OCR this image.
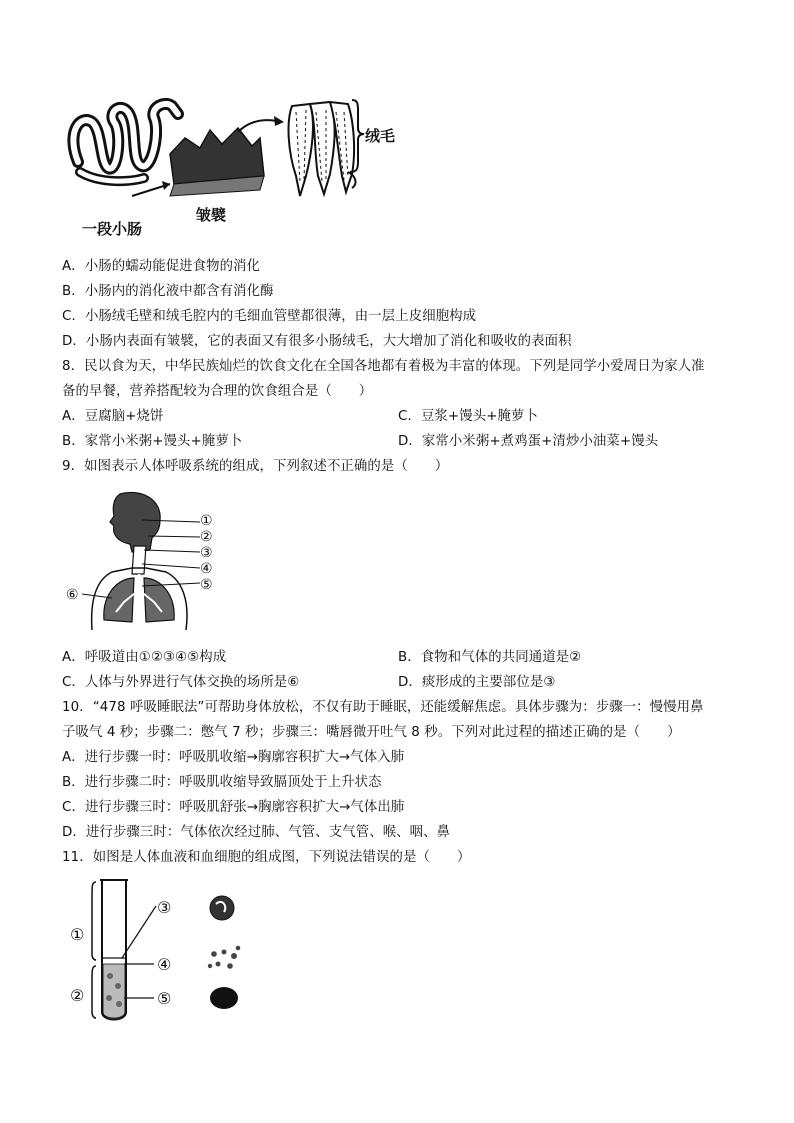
一段小肠
皱襞
绒毛
A．小肠的蠕动能促进食物的消化
B．小肠内的消化液中都含有消化酶
C．小肠绒毛壁和绒毛腔内的毛细血管壁都很薄，由一层上皮细胞构成
D．小肠内表面有皱襞，它的表面又有很多小肠绒毛，大大增加了消化和吸收的表面积
8．民以食为天，中华民族灿烂的饮食文化在全国各地都有着极为丰富的体现。下列是同学小爱周日为家人准
备的早餐，营养搭配较为合理的饮食组合是（　　）
A．豆腐脑+烧饼	C．豆浆+馒头+腌萝卜
B．家常小米粥+馒头+腌萝卜	D．家常小米粥+煮鸡蛋+清炒小油菜+馒头
9．如图表示人体呼吸系统的组成，下列叙述不正确的是（　　）
①
②
③
④
⑤
⑥
A．呼吸道由①②③④⑤构成	B．食物和气体的共同通道是②
C．人体与外界进行气体交换的场所是⑥	D．痰形成的主要部位是③
10．“478 呼吸睡眠法”可帮助身体放松，不仅有助于睡眠，还能缓解焦虑。具体步骤为：步骤一：慢慢用鼻
子吸气 4 秒；步骤二：憋气 7 秒；步骤三：嘴唇微开吐气 8 秒。下列对此过程的描述正确的是（　　）
A．进行步骤一时：呼吸肌收缩→胸廓容积扩大→气体入肺
B．进行步骤二时：呼吸肌收缩导致膈顶处于上升状态
C．进行步骤三时：呼吸肌舒张→胸廓容积扩大→气体出肺
D．进行步骤三时：气体依次经过肺、气管、支气管、喉、咽、鼻
11．如图是人体血液和血细胞的组成图，下列说法错误的是（　　）
①
②
③
④
⑤
